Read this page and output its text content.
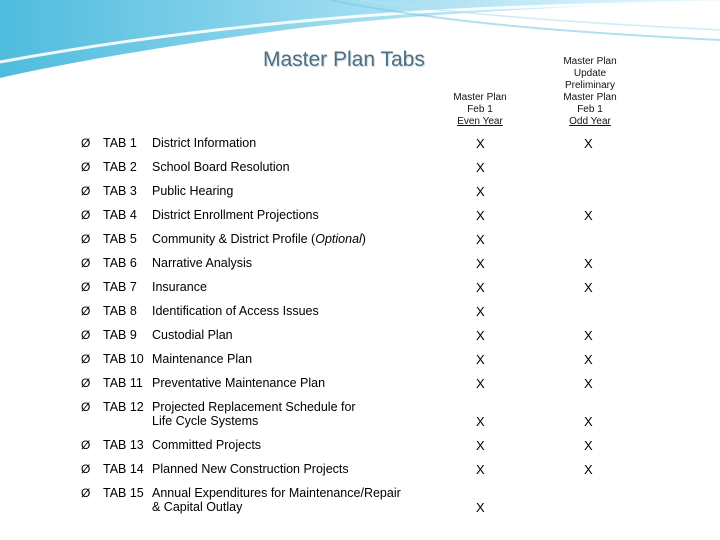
Master Plan Tabs
Master Plan
Feb 1
Even Year
Master Plan
Update
Preliminary
Master Plan
Feb 1
Odd Year
Ø TAB 1 District Information	X	X
Ø TAB 2 School Board Resolution	X
Ø TAB 3 Public Hearing	X
Ø TAB 4 District Enrollment Projections	X	X
Ø TAB 5 Community & District Profile (Optional)	X
Ø TAB 6 Narrative Analysis	X	X
Ø TAB 7 Insurance	X	X
Ø TAB 8 Identification of Access Issues	X
Ø TAB 9 Custodial Plan	X	X
Ø TAB 10 Maintenance Plan	X	X
Ø TAB 11 Preventative Maintenance Plan	X	X
Ø TAB 12 Projected Replacement Schedule for
Life Cycle Systems	X	X
Ø TAB 13 Committed Projects	X	X
Ø TAB 14 Planned New Construction Projects	X	X
Ø TAB 15 Annual Expenditures for Maintenance/Repair
& Capital Outlay	X
